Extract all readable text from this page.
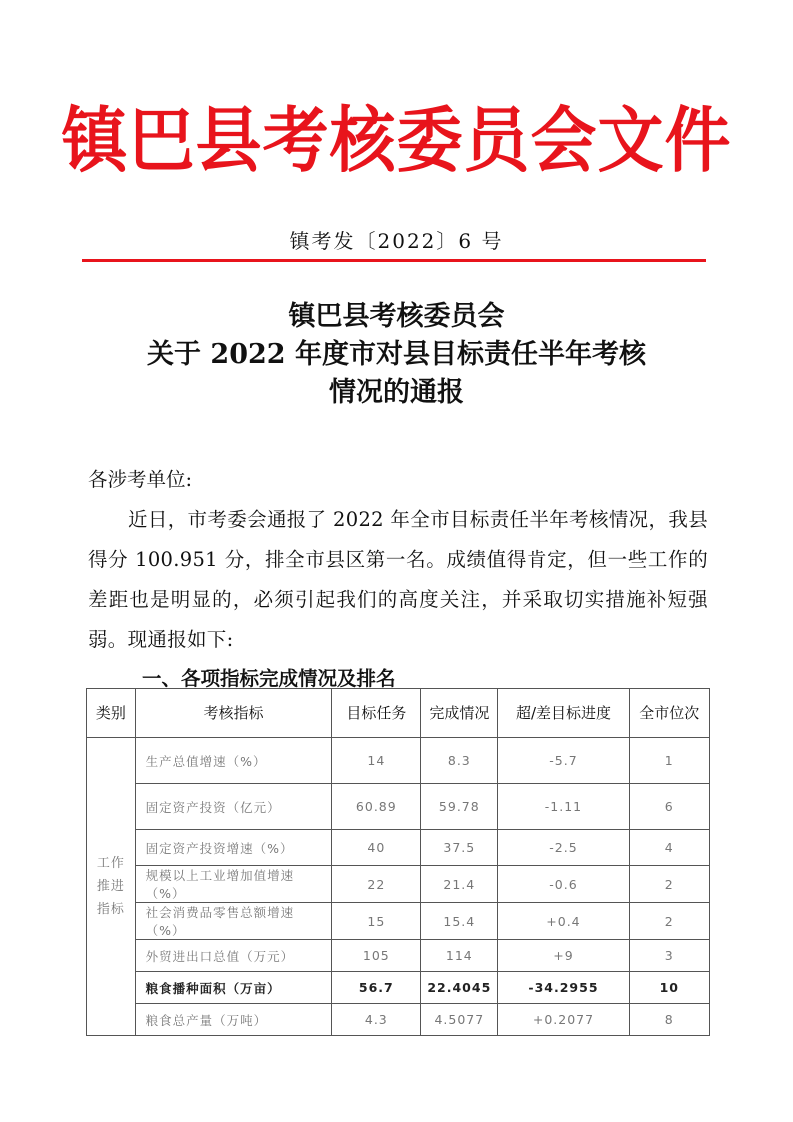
镇巴县考核委员会文件
镇考发〔2022〕6 号
镇巴县考核委员会
关于 2022 年度市对县目标责任半年考核
情况的通报
各涉考单位:
近日，市考委会通报了 2022 年全市目标责任半年考核情况，我县得分 100.951 分，排全市县区第一名。成绩值得肯定，但一些工作的差距也是明显的，必须引起我们的高度关注，并采取切实措施补短强弱。现通报如下:
一、各项指标完成情况及排名
类别	考核指标	目标任务	完成情况	超/差目标进度	全市位次

工作
推进
指标	生产总值增速（%）	14	8.3	-5.7	1
	固定资产投资（亿元）	60.89	59.78	-1.11	6
	固定资产投资增速（%）	40	37.5	-2.5	4
	规模以上工业增加值增速（%）	22	21.4	-0.6	2
	社会消费品零售总额增速（%）	15	15.4	+0.4	2
	外贸进出口总值（万元）	105	114	+9	3
	粮食播种面积（万亩）	56.7	22.4045	-34.2955	10
	粮食总产量（万吨）	4.3	4.5077	+0.2077	8
